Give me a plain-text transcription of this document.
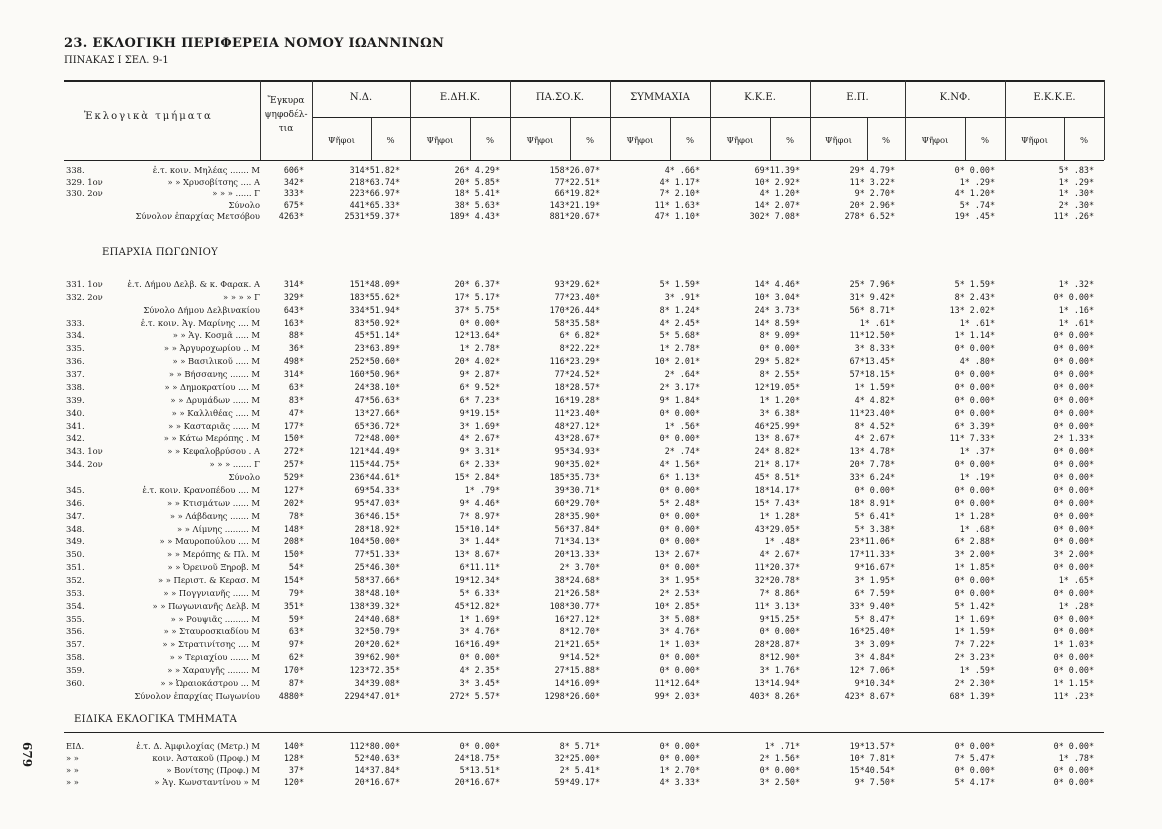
23. ΕΚΛΟΓΙΚΗ ΠΕΡΙΦΕΡΕΙΑ ΝΟΜΟΥ ΙΩΑΝΝΙΝΩΝ
ΠΙΝΑΚΑΣ Ι ΣΕΛ. 9-1
Ἐκλογικὰ τμήματα
Ἔγκυρα
ψηφοδέλ-
τια
Ν.Δ.
Ψῆφοι	%
Ε.ΔΗ.Κ.
Ψῆφοι	%
ΠΑ.ΣΟ.Κ.
Ψῆφοι	%
ΣΥΜΜΑΧΙΑ
Ψῆφοι	%
Κ.Κ.Ε.
Ψῆφοι	%
Ε.Π.
Ψῆφοι	%
Κ.ΝΦ.
Ψῆφοι	%
Ε.Κ.Κ.Ε.
Ψῆφοι	%
338.	ἐ.τ. κοιν. Μηλέας ....... Μ	606*	314*51.82*	26* 4.29*	158*26.07*	4* .66*	69*11.39*	29* 4.79*	0* 0.00*	5* .83*
329. 1ον	» » Χρυσοβίτσης .... Α	342*	218*63.74*	20* 5.85*	77*22.51*	4* 1.17*	10* 2.92*	11* 3.22*	1* .29*	1* .29*
330. 2ον	» » » ...... Γ	333*	223*66.97*	18* 5.41*	66*19.82*	7* 2.10*	4* 1.20*	9* 2.70*	4* 1.20*	1* .30*
Σύνολο	675*	441*65.33*	38* 5.63*	143*21.19*	11* 1.63*	14* 2.07*	20* 2.96*	5* .74*	2* .30*
Σύνολον ἐπαρχίας Μετσόβου	4263*	2531*59.37*	189* 4.43*	881*20.67*	47* 1.10*	302* 7.08*	278* 6.52*	19* .45*	11* .26*
331. 1ον	ἐ.τ. Δήμου Δελβ. & κ. Φαρακ. Α	314*	151*48.09*	20* 6.37*	93*29.62*	5* 1.59*	14* 4.46*	25* 7.96*	5* 1.59*	1* .32*
332. 2ον	» » » » Γ	329*	183*55.62*	17* 5.17*	77*23.40*	3* .91*	10* 3.04*	31* 9.42*	8* 2.43*	0* 0.00*
Σύνολο Δήμου Δελβινακίου	643*	334*51.94*	37* 5.75*	170*26.44*	8* 1.24*	24* 3.73*	56* 8.71*	13* 2.02*	1* .16*
333.	ἐ.τ. κοιν. Ἁγ. Μαρίνης .... Μ	163*	83*50.92*	0* 0.00*	58*35.58*	4* 2.45*	14* 8.59*	1* .61*	1* .61*	1* .61*
334.	» » Ἁγ. Κοσμᾶ ..... Μ	88*	45*51.14*	12*13.64*	6* 6.82*	5* 5.68*	8* 9.09*	11*12.50*	1* 1.14*	0* 0.00*
335.	» » Ἀργυροχωρίου .. Μ	36*	23*63.89*	1* 2.78*	8*22.22*	1* 2.78*	0* 0.00*	3* 8.33*	0* 0.00*	0* 0.00*
336.	» » Βασιλικοῦ ..... Μ	498*	252*50.60*	20* 4.02*	116*23.29*	10* 2.01*	29* 5.82*	67*13.45*	4* .80*	0* 0.00*
337.	» » Βήσσανης ....... Μ	314*	160*50.96*	9* 2.87*	77*24.52*	2* .64*	8* 2.55*	57*18.15*	0* 0.00*	0* 0.00*
338.	» » Δημοκρατίου .... Μ	63*	24*38.10*	6* 9.52*	18*28.57*	2* 3.17*	12*19.05*	1* 1.59*	0* 0.00*	0* 0.00*
339.	» » Δρυμάδων ...... Μ	83*	47*56.63*	6* 7.23*	16*19.28*	9* 1.84*	1* 1.20*	4* 4.82*	0* 0.00*	0* 0.00*
340.	» » Καλλιθέας ..... Μ	47*	13*27.66*	9*19.15*	11*23.40*	0* 0.00*	3* 6.38*	11*23.40*	0* 0.00*	0* 0.00*
341.	» » Κασταριᾶς ...... Μ	177*	65*36.72*	3* 1.69*	48*27.12*	1* .56*	46*25.99*	8* 4.52*	6* 3.39*	0* 0.00*
342.	» » Κάτω Μερόπης . Μ	150*	72*48.00*	4* 2.67*	43*28.67*	0* 0.00*	13* 8.67*	4* 2.67*	11* 7.33*	2* 1.33*
343. 1ον	» » Κεφαλοβρύσου . Α	272*	121*44.49*	9* 3.31*	95*34.93*	2* .74*	24* 8.82*	13* 4.78*	1* .37*	0* 0.00*
344. 2ον	» » » ....... Γ	257*	115*44.75*	6* 2.33*	90*35.02*	4* 1.56*	21* 8.17*	20* 7.78*	0* 0.00*	0* 0.00*
Σύνολο	529*	236*44.61*	15* 2.84*	185*35.73*	6* 1.13*	45* 8.51*	33* 6.24*	1* .19*	0* 0.00*
345.	ἐ.τ. κοιν. Κρανοπέδου .... Μ	127*	69*54.33*	1* .79*	39*30.71*	0* 0.00*	18*14.17*	0* 0.00*	0* 0.00*	0* 0.00*
346.	» » Κτισμάτων ...... Μ	202*	95*47.03*	9* 4.46*	60*29.70*	5* 2.48*	15* 7.43*	18* 8.91*	0* 0.00*	0* 0.00*
347.	» » Λάβδανης ....... Μ	78*	36*46.15*	7* 8.97*	28*35.90*	0* 0.00*	1* 1.28*	5* 6.41*	1* 1.28*	0* 0.00*
348.	» » Λίμνης ......... Μ	148*	28*18.92*	15*10.14*	56*37.84*	0* 0.00*	43*29.05*	5* 3.38*	1* .68*	0* 0.00*
349.	» » Μαυροπούλου .... Μ	208*	104*50.00*	3* 1.44*	71*34.13*	0* 0.00*	1* .48*	23*11.06*	6* 2.88*	0* 0.00*
350.	» » Μερόπης & Πλ. Μ	150*	77*51.33*	13* 8.67*	20*13.33*	13* 2.67*	4* 2.67*	17*11.33*	3* 2.00*	3* 2.00*
351.	» » Ὀρεινοῦ Ξηροβ. Μ	54*	25*46.30*	6*11.11*	2* 3.70*	0* 0.00*	11*20.37*	9*16.67*	1* 1.85*	0* 0.00*
352.	» » Περιστ. & Κερασ. Μ	154*	58*37.66*	19*12.34*	38*24.68*	3* 1.95*	32*20.78*	3* 1.95*	0* 0.00*	1* .65*
353.	» » Πογγνιανῆς ...... Μ	79*	38*48.10*	5* 6.33*	21*26.58*	2* 2.53*	7* 8.86*	6* 7.59*	0* 0.00*	0* 0.00*
354.	» » Πωγωνιανῆς Δελβ. Μ	351*	138*39.32*	45*12.82*	108*30.77*	10* 2.85*	11* 3.13*	33* 9.40*	5* 1.42*	1* .28*
355.	» » Ρουψιᾶς ......... Μ	59*	24*40.68*	1* 1.69*	16*27.12*	3* 5.08*	9*15.25*	5* 8.47*	1* 1.69*	0* 0.00*
356.	» » Σταυροσκιαδίου Μ	63*	32*50.79*	3* 4.76*	8*12.70*	3* 4.76*	0* 0.00*	16*25.40*	1* 1.59*	0* 0.00*
357.	» » Στρατινίτσης .... Μ	97*	20*20.62*	16*16.49*	21*21.65*	1* 1.03*	28*28.87*	3* 3.09*	7* 7.22*	1* 1.03*
358.	» » Τεριαχίου ....... Μ	62*	39*62.90*	0* 0.00*	9*14.52*	0* 0.00*	8*12.90*	3* 4.84*	2* 3.23*	0* 0.00*
359.	» » Χαραυγῆς ........ Μ	170*	123*72.35*	4* 2.35*	27*15.88*	0* 0.00*	3* 1.76*	12* 7.06*	1* .59*	0* 0.00*
360.	» » Ὠραιοκάστρου ... Μ	87*	34*39.08*	3* 3.45*	14*16.09*	11*12.64*	13*14.94*	9*10.34*	2* 2.30*	1* 1.15*
Σύνολον ἐπαρχίας Πωγωνίου	4880*	2294*47.01*	272* 5.57*	1298*26.60*	99* 2.03*	403* 8.26*	423* 8.67*	68* 1.39*	11* .23*
ΕΙΔ.	ἐ.τ. Δ. Ἀμφιλοχίας (Μετρ.) Μ	140*	112*80.00*	0* 0.00*	8* 5.71*	0* 0.00*	1* .71*	19*13.57*	0* 0.00*	0* 0.00*
» »	κοιν. Ἀστακοῦ (Προφ.) Μ	128*	52*40.63*	24*18.75*	32*25.00*	0* 0.00*	2* 1.56*	10* 7.81*	7* 5.47*	1* .78*
» »	» Βονίτσης (Προφ.) Μ	37*	14*37.84*	5*13.51*	2* 5.41*	1* 2.70*	0* 0.00*	15*40.54*	0* 0.00*	0* 0.00*
» »	» Ἁγ. Κωνσταντίνου » Μ	120*	20*16.67*	20*16.67*	59*49.17*	4* 3.33*	3* 2.50*	9* 7.50*	5* 4.17*	0* 0.00*
ΕΠΑΡΧΙΑ ΠΩΓΩΝΙΟΥ
ΕΙΔΙΚΑ ΕΚΛΟΓΙΚΑ ΤΜΗΜΑΤΑ
679
